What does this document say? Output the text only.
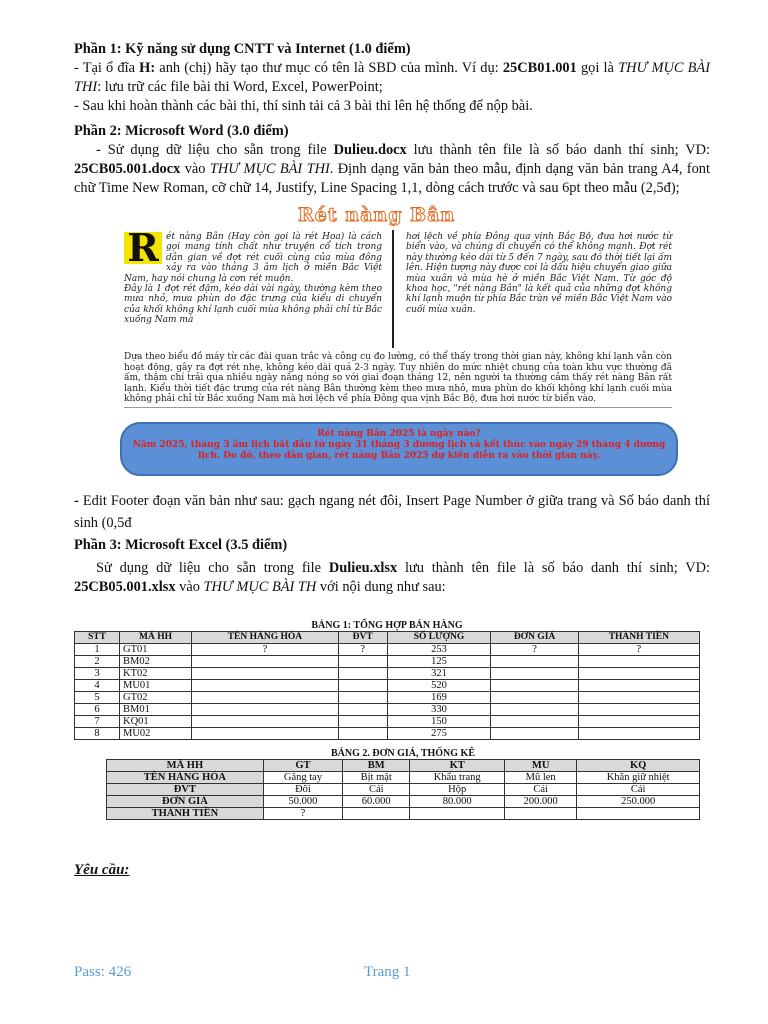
Phần 1: Kỹ năng sử dụng CNTT và Internet (1.0 điểm)

- Tại ổ đĩa H: anh (chị) hãy tạo thư mục có tên là SBD của mình. Ví dụ: 25CB01.001 gọi là THƯ MỤC BÀI THI: lưu trữ các file bài thi Word, Excel, PowerPoint;

- Sau khi hoàn thành các bài thi, thí sinh tải cả 3 bài thi lên hệ thống để nộp bài.

Phần 2: Microsoft Word (3.0 điểm)

- Sử dụng dữ liệu cho sẵn trong file Dulieu.docx lưu thành tên file là số báo danh thí sinh; VD: 25CB05.001.docx vào THƯ MỤC BÀI THI. Định dạng văn bản theo mẫu, định dạng văn bản trang A4, font chữ Time New Roman, cỡ chữ 14, Justify, Line Spacing 1,1, dòng cách trước và sau 6pt theo mẫu (2,5đ);

Rét nàng Bân
R ét nàng Bân (Hay còn gọi là rét Hoa) là cách gọi mang tính chất như truyện cổ tích trong dân gian về đợt rét cuối cùng của mùa đông xảy ra vào tháng 3 âm lịch ở miền Bắc Việt Nam, hay nói chung là cơn rét muộn.
Đây là 1 đợt rét đậm, kéo dài vài ngày, thường kèm theo mưa nhỏ, mưa phùn do đặc trưng của kiểu di chuyển của khối không khí lạnh cuối mùa không phải chỉ từ Bắc xuống Nam mà
hơi lệch về phía Đông qua vịnh Bắc Bộ, đưa hơi nước từ biển vào, và chúng di chuyển có thể không mạnh. Đợt rét này thường kéo dài từ 5 đến 7 ngày, sau đó thời tiết lại ấm lên. Hiện tượng này được coi là dấu hiệu chuyển giao giữa mùa xuân và mùa hè ở miền Bắc Việt Nam. Từ góc độ khoa học, "rét nàng Bân" là kết quả của những đợt không khí lạnh muộn từ phía Bắc tràn về miền Bắc Việt Nam vào cuối mùa xuân.
Dựa theo biểu đồ máy từ các đài quan trắc và công cụ đo lường, có thể thấy trong thời gian này, không khí lạnh vẫn còn hoạt động, gây ra đợt rét nhẹ, không kéo dài quá 2-3 ngày. Tuy nhiên do mức nhiệt chung của toàn khu vực thường đã ấm, thậm chí trải qua nhiều ngày nắng nóng so với giai đoạn tháng 12, nên người ta thường cảm thấy rét nàng Bân rất lạnh. Kiểu thời tiết đặc trưng của rét nàng Bân thường kèm theo mưa nhỏ, mưa phùn do khối không khí lạnh cuối mùa không phải chỉ từ Bắc xuống Nam mà hơi lệch về phía Đông qua vịnh Bắc Bộ, đưa hơi nước từ biển vào.
Rét nàng Bân 2025 là ngày nào?
Năm 2025, tháng 3 âm lịch bắt đầu từ ngày 31 tháng 3 dương lịch và kết thúc vào ngày 29 tháng 4 dương lịch. Do đó, theo dân gian, rét nàng Bân 2025 dự kiến diễn ra vào thời gian này.

- Edit Footer đoạn văn bản như sau: gạch ngang nét đôi, Insert Page Number ở giữa trang và Số báo danh thí sinh (0,5đ

Phần 3: Microsoft Excel (3.5 điểm)

Sử dụng dữ liệu cho sẵn trong file Dulieu.xlsx lưu thành tên file là số báo danh thí sinh; VD: 25CB05.001.xlsx vào THƯ MỤC BÀI TH với nội dung như sau:

BẢNG 1: TỔNG HỢP BÁN HÀNG						
STT	MÃ HH	TÊN HÀNG HÓA	ĐVT	SỐ LƯỢNG	ĐƠN GIÁ	THÀNH TIỀN
1	GT01	?	?	253	?	?
2	BM02			125		
3	KT02			321		
4	MU01			520		
5	GT02			169		
6	BM01			330		
7	KQ01			150		
8	MU02			275		
BẢNG 2. ĐƠN GIÁ, THỐNG KÊ					
MÃ HH	GT	BM	KT	MU	KQ
TÊN HÀNG HÓA	Găng tay	Bịt mặt	Khẩu trang	Mũ len	Khăn giữ nhiệt
ĐVT	Đôi	Cái	Hộp	Cái	Cái
ĐƠN GIÁ	50.000	60.000	80.000	200.000	250.000
THÀNH TIỀN	?				

Yêu cầu:

Pass: 426	Trang 1
